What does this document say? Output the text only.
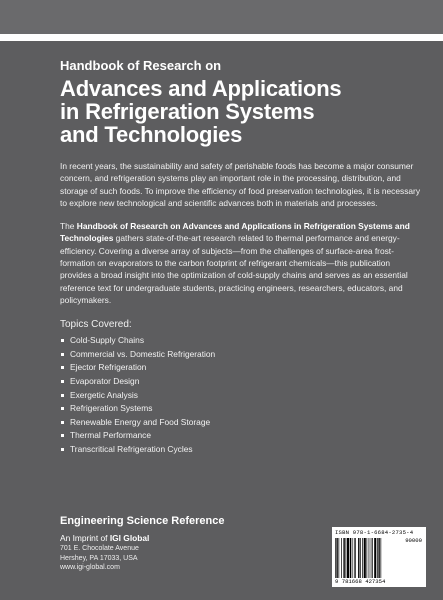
Handbook of Research on

Advances and Applications
in Refrigeration Systems
and Technologies

In recent years, the sustainability and safety of perishable foods has become a major consumer concern, and refrigeration systems play an important role in the processing, distribution, and storage of such foods. To improve the efficiency of food preservation technologies, it is necessary to explore new technological and scientific advances both in materials and processes.

The Handbook of Research on Advances and Applications in Refrigeration Systems and Technologies gathers state-of-the-art research related to thermal performance and energy-efficiency. Covering a diverse array of subjects—from the challenges of surface-area frost-formation on evaporators to the carbon footprint of refrigerant chemicals—this publication provides a broad insight into the optimization of cold-supply chains and serves as an essential reference text for undergraduate students, practicing engineers, researchers, educators, and policymakers.

Topics Covered:

Cold-Supply Chains
Commercial vs. Domestic Refrigeration
Ejector Refrigeration
Evaporator Design
Exergetic Analysis
Refrigeration Systems
Renewable Energy and Food Storage
Thermal Performance
Transcritical Refrigeration Cycles

Engineering Science Reference

An Imprint of IGI Global

701 E. Chocolate Avenue

Hershey, PA 17033, USA

www.igi-global.com

ISBN 978-1-6684-2735-4
90000
9 781668 427354
